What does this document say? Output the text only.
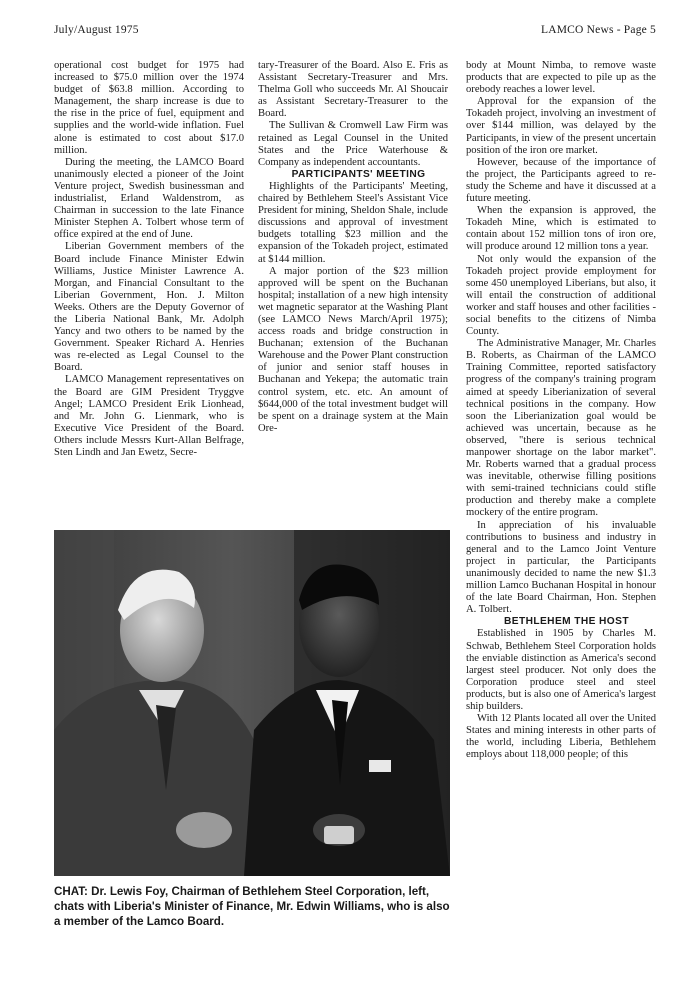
July/August 1975	LAMCO News - Page 5

operational cost budget for 1975 had increased to $75.0 million over the 1974 budget of $63.8 million. According to Management, the sharp increase is due to the rise in the price of fuel, equipment and supplies and the world-wide inflation. Fuel alone is estimated to cost about $17.0 million.

During the meeting, the LAMCO Board unanimously elected a pioneer of the Joint Venture project, Swedish businessman and industrialist, Erland Waldenstrom, as Chairman in succession to the late Finance Minister Stephen A. Tolbert whose term of office expired at the end of June.

Liberian Government members of the Board include Finance Minister Edwin Williams, Justice Minister Lawrence A. Morgan, and Financial Consultant to the Liberian Government, Hon. J. Milton Weeks. Others are the Deputy Governor of the Liberia National Bank, Mr. Adolph Yancy and two others to be named by the Government. Speaker Richard A. Henries was re-elected as Legal Counsel to the Board.

LAMCO Management representatives on the Board are GIM President Tryggve Angel; LAMCO President Erik Lionhead, and Mr. John G. Lienmark, who is Executive Vice President of the Board. Others include Messrs Kurt-Allan Belfrage, Sten Lindh and Jan Ewetz, Secre-

tary-Treasurer of the Board. Also E. Fris as Assistant Secretary-Treasurer and Mrs. Thelma Goll who succeeds Mr. Al Shoucair as Assistant Secretary-Treasurer to the Board.

The Sullivan & Cromwell Law Firm was retained as Legal Counsel in the United States and the Price Waterhouse & Company as independent accountants.

PARTICIPANTS' MEETING

Highlights of the Participants' Meeting, chaired by Bethlehem Steel's Assistant Vice President for mining, Sheldon Shale, include discussions and approval of investment budgets totalling $23 million and the expansion of the Tokadeh project, estimated at $144 million.

A major portion of the $23 million approved will be spent on the Buchanan hospital; installation of a new high intensity wet magnetic separator at the Washing Plant (see LAMCO News March/April 1975); access roads and bridge construction in Buchanan; extension of the Buchanan Warehouse and the Power Plant construction of junior and senior staff houses in Buchanan and Yekepa; the automatic train control system, etc. etc. An amount of $644,000 of the total investment budget will be spent on a drainage system at the Main Ore-

body at Mount Nimba, to remove waste products that are expected to pile up as the orebody reaches a lower level.

Approval for the expansion of the Tokadeh project, involving an investment of over $144 million, was delayed by the Participants, in view of the present uncertain position of the iron ore market.

However, because of the importance of the project, the Participants agreed to re-study the Scheme and have it discussed at a future meeting.

When the expansion is approved, the Tokadeh Mine, which is estimated to contain about 152 million tons of iron ore, will produce around 12 million tons a year.

Not only would the expansion of the Tokadeh project provide employment for some 450 unemployed Liberians, but also, it will entail the construction of additional worker and staff houses and other facilities - social benefits to the citizens of Nimba County.

The Administrative Manager, Mr. Charles B. Roberts, as Chairman of the LAMCO Training Committee, reported satisfactory progress of the company's training program aimed at speedy Liberianization of several technical positions in the company. How soon the Liberianization goal would be achieved was uncertain, because as he observed, "there is serious technical manpower shortage on the labor market". Mr. Roberts warned that a gradual process was inevitable, otherwise filling positions with semi-trained technicians could stifle production and thereby make a complete mockery of the entire program.

In appreciation of his invaluable contributions to business and industry in general and to the Lamco Joint Venture project in particular, the Participants unanimously decided to name the new $1.3 million Lamco Buchanan Hospital in honour of the late Board Chairman, Hon. Stephen A. Tolbert.

BETHLEHEM THE HOST

Established in 1905 by Charles M. Schwab, Bethlehem Steel Corporation holds the enviable distinction as America's second largest steel producer. Not only does the Corporation produce steel and steel products, but is also one of America's largest ship builders.

With 12 Plants located all over the United States and mining interests in other parts of the world, including Liberia, Bethlehem employs about 118,000 people; of this

CHAT: Dr. Lewis Foy, Chairman of Bethlehem Steel Corporation, left, chats with Liberia's Minister of Finance, Mr. Edwin Williams, who is also a member of the Lamco Board.
